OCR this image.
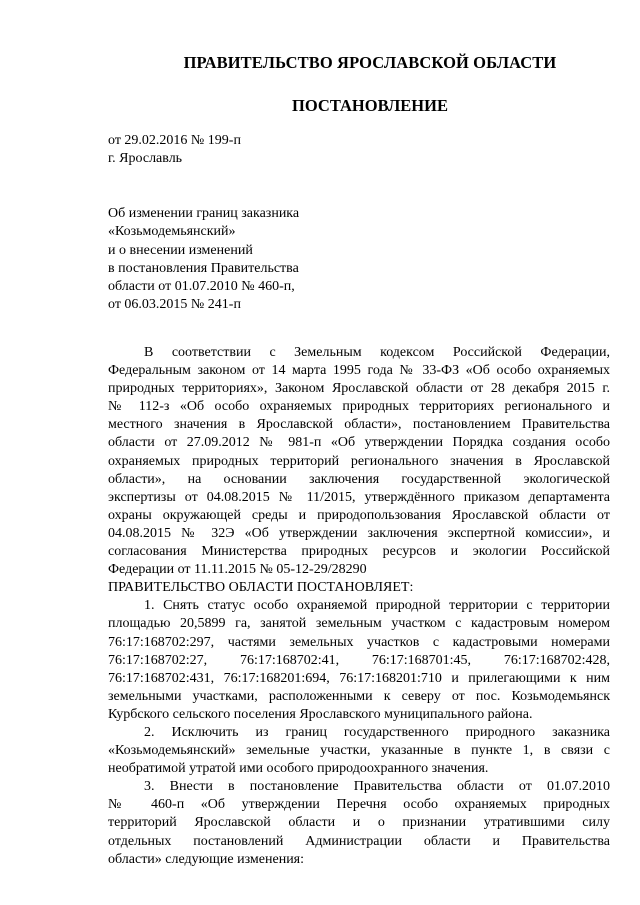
ПРАВИТЕЛЬСТВО ЯРОСЛАВСКОЙ ОБЛАСТИ
ПОСТАНОВЛЕНИЕ
от 29.02.2016 № 199-п
г. Ярославль
Об изменении границ заказника
«Козьмодемьянский»
и о внесении изменений
в постановления Правительства
области от 01.07.2010 № 460-п,
от 06.03.2015 № 241-п
В соответствии с Земельным кодексом Российской Федерации,
Федеральным законом от 14 марта 1995 года № 33-ФЗ «Об особо охраняемых
природных территориях», Законом Ярославской области от 28 декабря 2015 г.
№ 112-з «Об особо охраняемых природных территориях регионального и
местного значения в Ярославской области», постановлением Правительства
области от 27.09.2012 № 981-п «Об утверждении Порядка создания особо
охраняемых природных территорий регионального значения в Ярославской
области», на основании заключения государственной экологической
экспертизы от 04.08.2015 № 11/2015, утверждённого приказом департамента
охраны окружающей среды и природопользования Ярославской области от
04.08.2015 № 32Э «Об утверждении заключения экспертной комиссии», и
согласования Министерства природных ресурсов и экологии Российской
Федерации от 11.11.2015 № 05-12-29/28290
ПРАВИТЕЛЬСТВО ОБЛАСТИ ПОСТАНОВЛЯЕТ:
1. Снять статус особо охраняемой природной территории с территории
площадью 20,5899 га, занятой земельным участком с кадастровым номером
76:17:168702:297, частями земельных участков с кадастровыми номерами
76:17:168702:27, 76:17:168702:41, 76:17:168701:45, 76:17:168702:428,
76:17:168702:431, 76:17:168201:694, 76:17:168201:710 и прилегающими к ним
земельными участками, расположенными к северу от пос. Козьмодемьянск
Курбского сельского поселения Ярославского муниципального района.
2. Исключить из границ государственного природного заказника
«Козьмодемьянский» земельные участки, указанные в пункте 1, в связи с
необратимой утратой ими особого природоохранного значения.
3. Внести в постановление Правительства области от 01.07.2010
№ 460-п «Об утверждении Перечня особо охраняемых природных
территорий Ярославской области и о признании утратившими силу
отдельных постановлений Администрации области и Правительства
области» следующие изменения:
